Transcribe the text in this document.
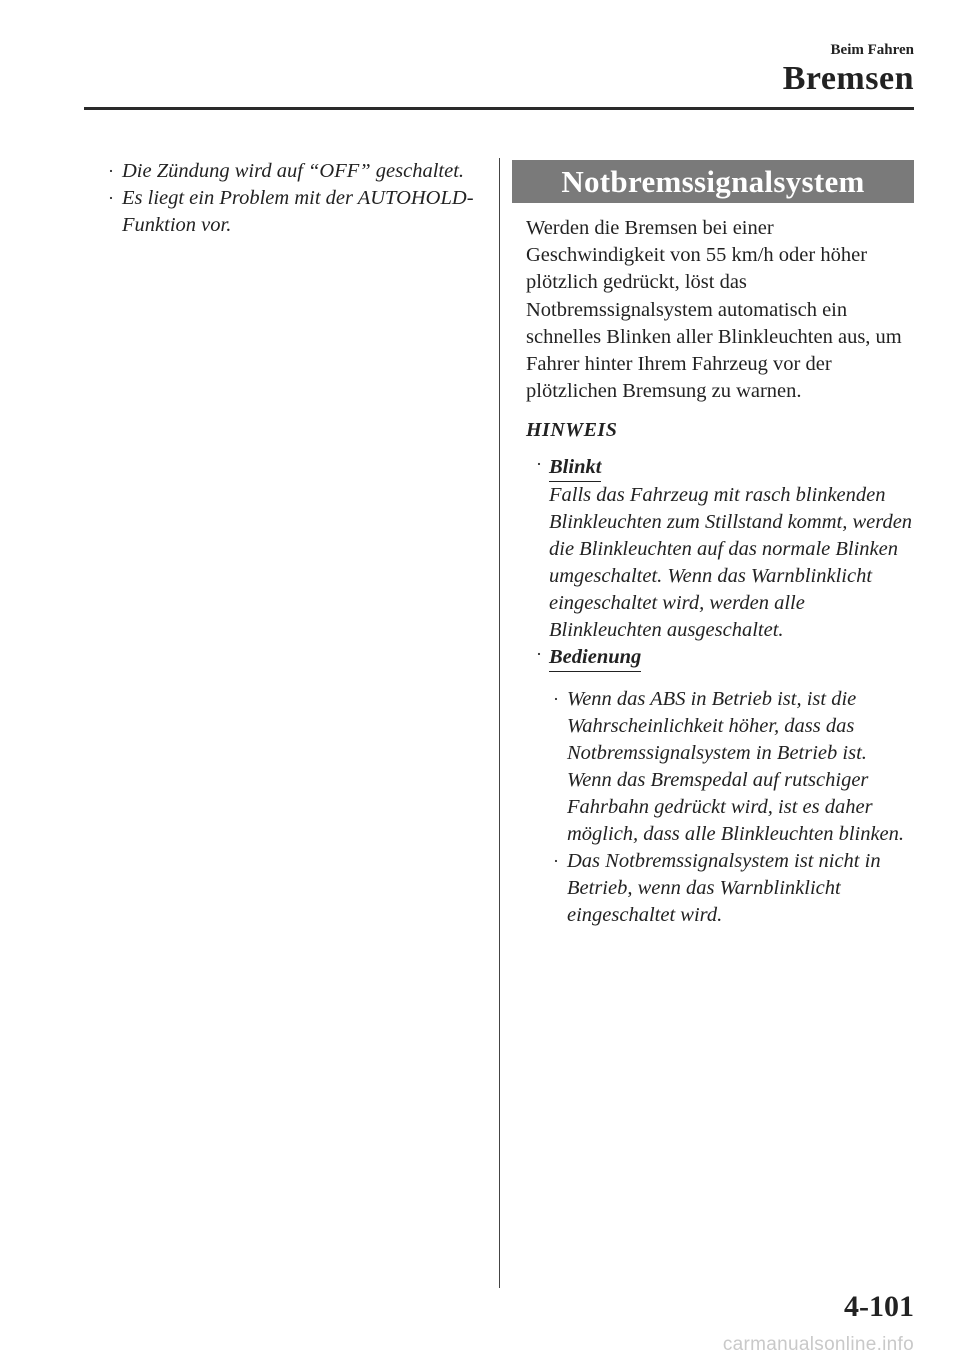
Beim Fahren
Bremsen
· Die Zündung wird auf “OFF” geschaltet.
· Es liegt ein Problem mit der AUTOHOLD-Funktion vor.
Notbremssignalsystem
Werden die Bremsen bei einer Geschwindigkeit von 55 km/h oder höher plötzlich gedrückt, löst das Notbremssignalsystem automatisch ein schnelles Blinken aller Blinkleuchten aus, um Fahrer hinter Ihrem Fahrzeug vor der plötzlichen Bremsung zu warnen.
HINWEIS
· Blinkt
Falls das Fahrzeug mit rasch blinkenden Blinkleuchten zum Stillstand kommt, werden die Blinkleuchten auf das normale Blinken umgeschaltet. Wenn das Warnblinklicht eingeschaltet wird, werden alle Blinkleuchten ausgeschaltet.
· Bedienung
· Wenn das ABS in Betrieb ist, ist die Wahrscheinlichkeit höher, dass das Notbremssignalsystem in Betrieb ist. Wenn das Bremspedal auf rutschiger Fahrbahn gedrückt wird, ist es daher möglich, dass alle Blinkleuchten blinken.
· Das Notbremssignalsystem ist nicht in Betrieb, wenn das Warnblinklicht eingeschaltet wird.
4-101
carmanualsonline.info
